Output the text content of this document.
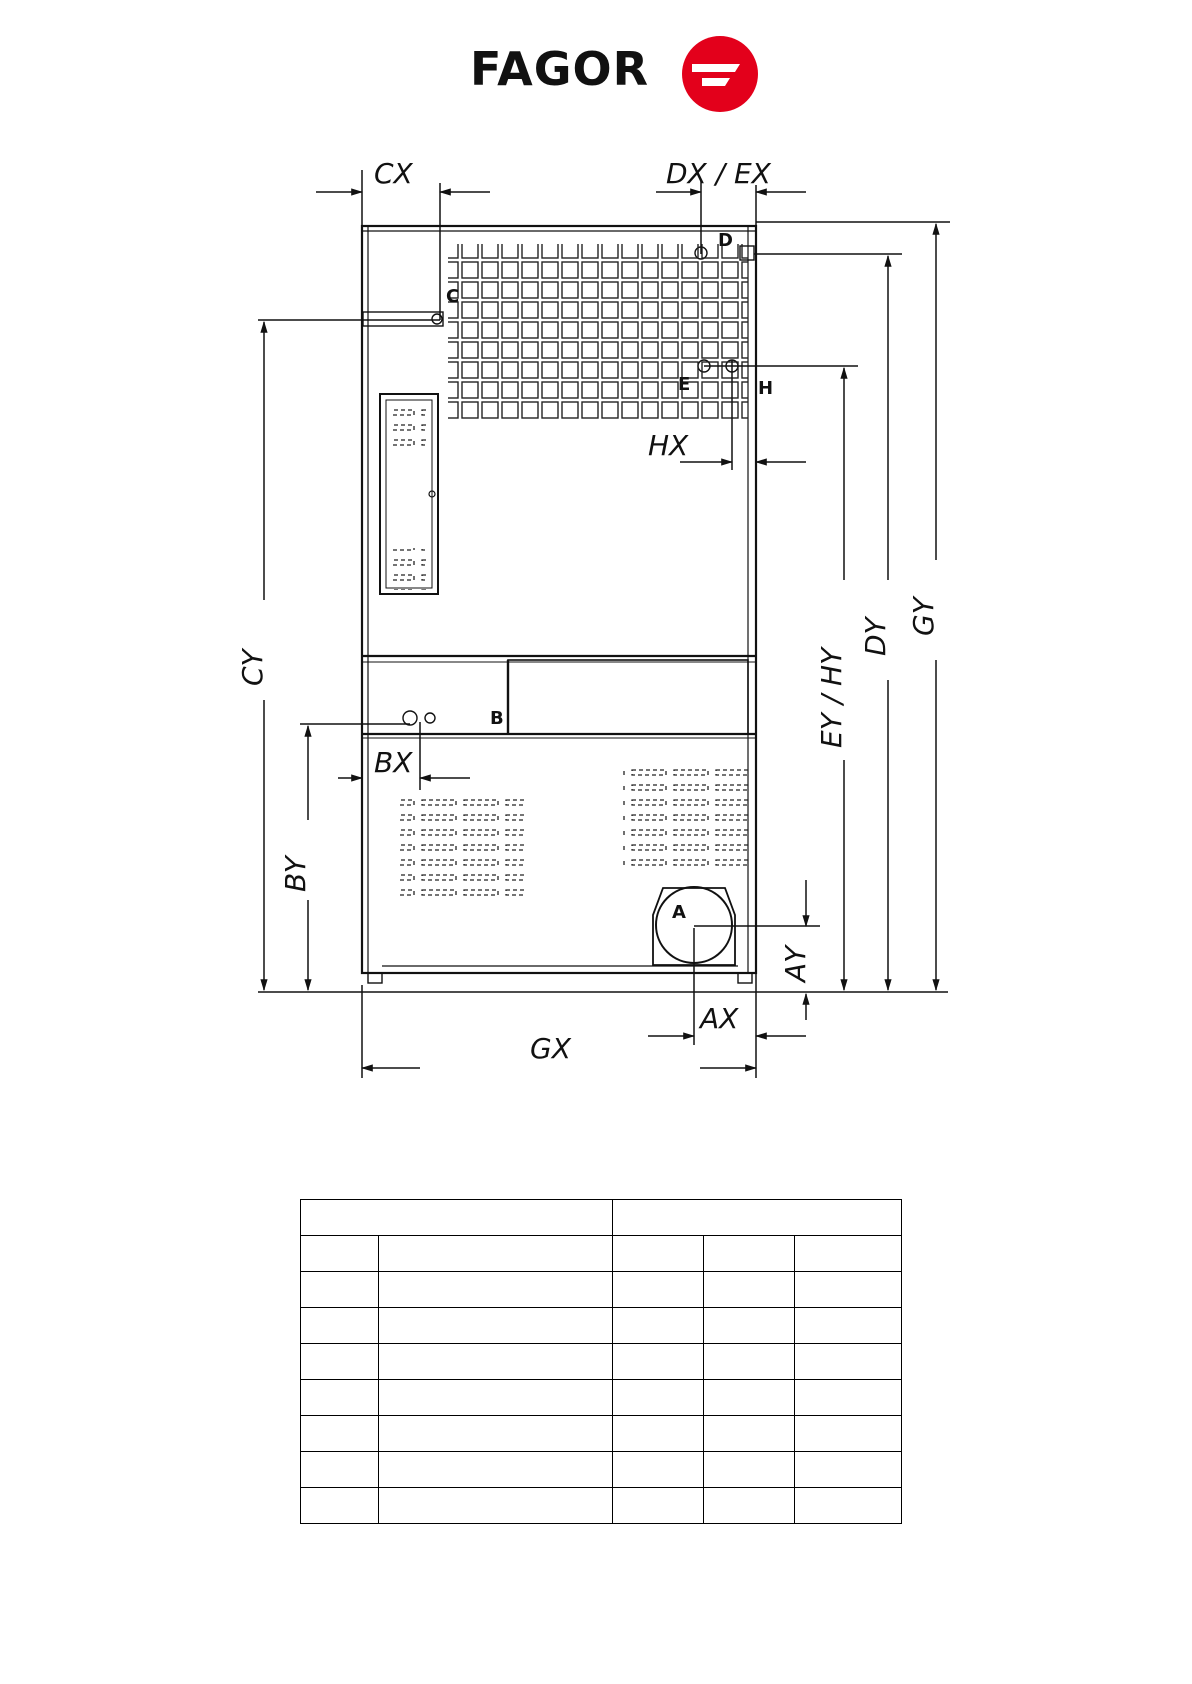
FAGOR
CX	DX / EX
HX
BX
AX
GX
CY
BY
AY
EY / HY
DY
GY
A
B
C
D
E	H
